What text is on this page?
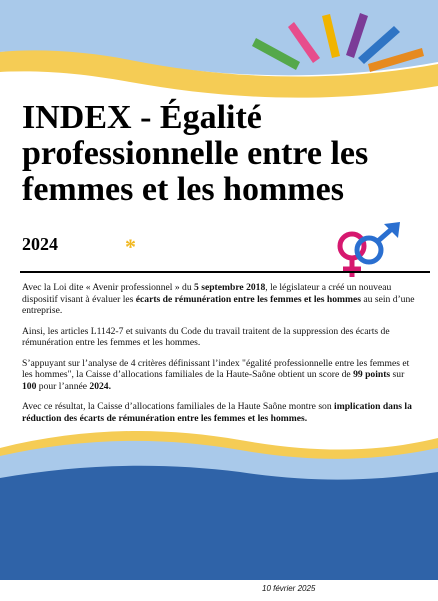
INDEX - Égalité professionnelle entre les femmes et les hommes
2024	*

Avec la Loi dite « Avenir professionnel » du 5 septembre 2018, le législateur a créé un nouveau dispositif visant à évaluer les écarts de rémunération entre les femmes et les hommes au sein d’une entreprise.

Ainsi, les articles L1142-7 et suivants du Code du travail traitent de la suppression des écarts de rémunération entre les femmes et les hommes.

S’appuyant sur l’analyse de 4 critères définissant l’index "égalité professionnelle entre les femmes et les hommes", la Caisse d’allocations familiales de la Haute-Saône obtient un score de 99 points sur 100 pour l’année 2024.

Avec ce résultat, la Caisse d’allocations familiales de la Haute Saône montre son implication dans la réduction des écarts de rémunération entre les femmes et les hommes.

10 février 2025
